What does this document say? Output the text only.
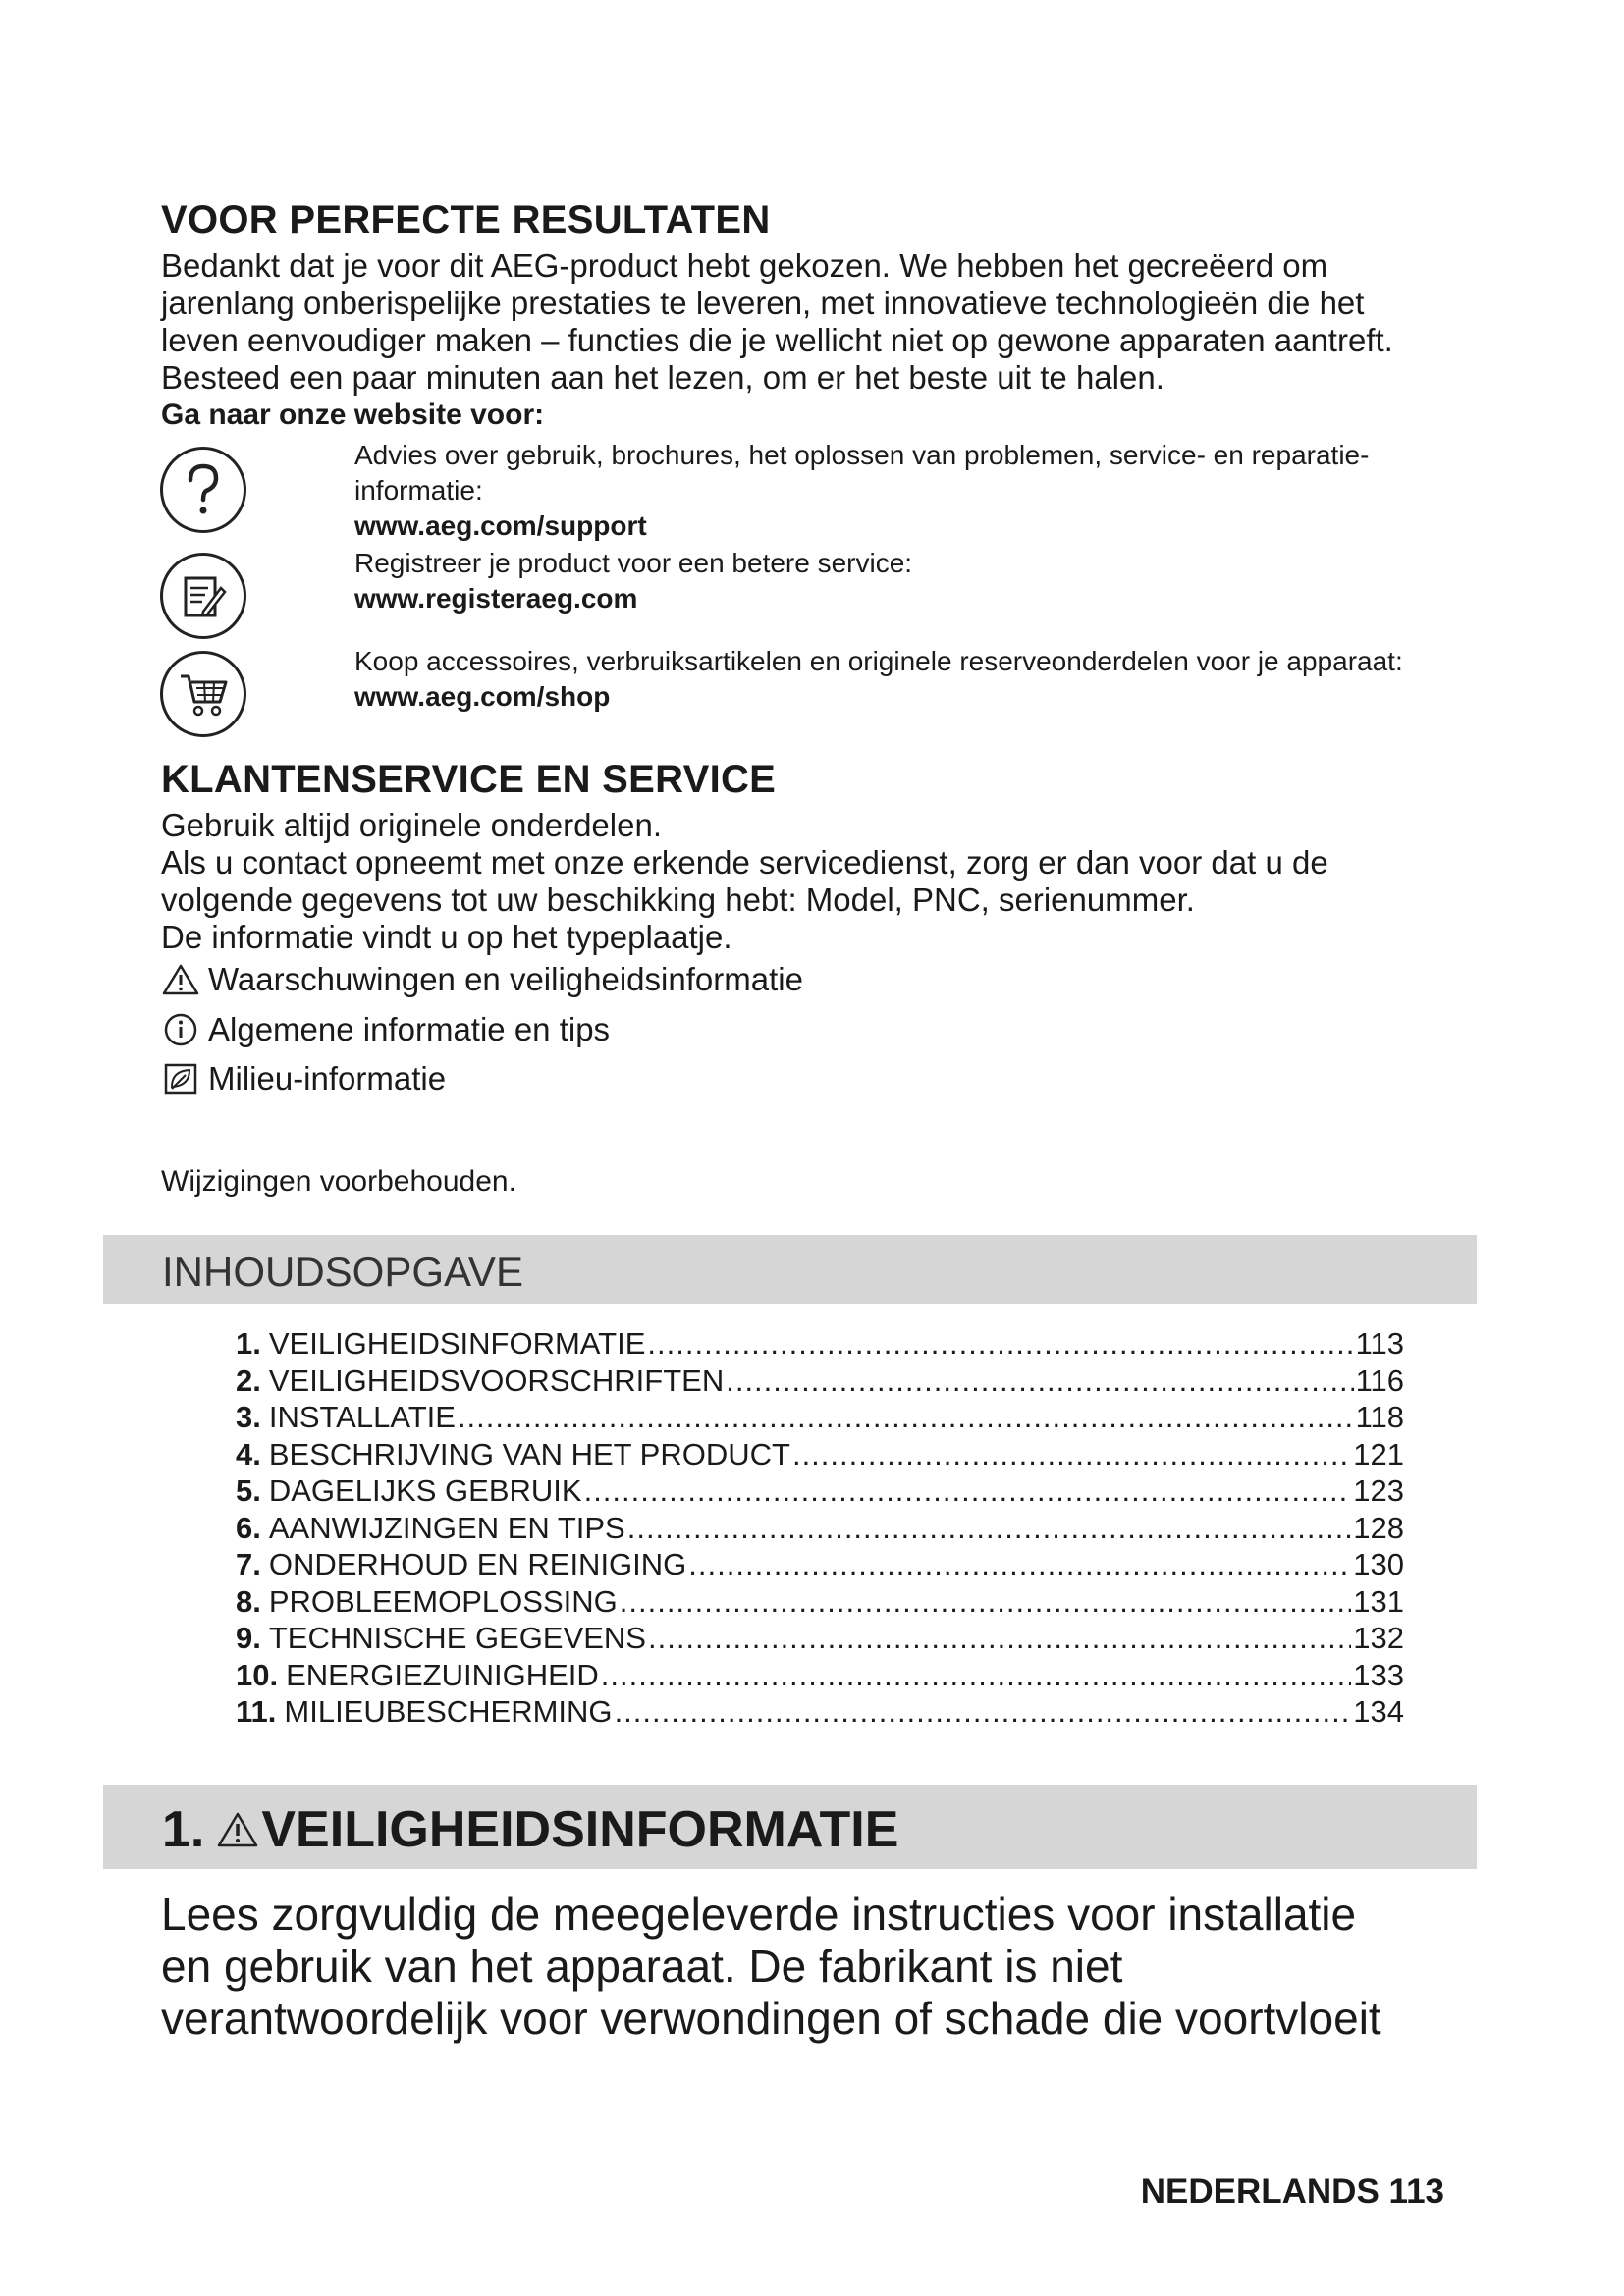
VOOR PERFECTE RESULTATEN

Bedankt dat je voor dit AEG-product hebt gekozen. We hebben het gecreëerd om

jarenlang onberispelijke prestaties te leveren, met innovatieve technologieën die het

leven eenvoudiger maken – functies die je wellicht niet op gewone apparaten aantreft.

Besteed een paar minuten aan het lezen, om er het beste uit te halen.

Ga naar onze website voor:

Advies over gebruik, brochures, het oplossen van problemen, service- en reparatie-
informatie:
www.aeg.com/support
Registreer je product voor een betere service:
www.registeraeg.com
Koop accessoires, verbruiksartikelen en originele reserveonderdelen voor je apparaat:
www.aeg.com/shop
KLANTENSERVICE EN SERVICE

Gebruik altijd originele onderdelen.

Als u contact opneemt met onze erkende servicedienst, zorg er dan voor dat u de

volgende gegevens tot uw beschikking hebt: Model, PNC, serienummer.

De informatie vindt u op het typeplaatje.

Waarschuwingen en veiligheidsinformatie
Algemene informatie en tips
Milieu-informatie
Wijzigingen voorbehouden.
INHOUDSOPGAVE
1. VEILIGHEIDSINFORMATIE .....	113
2. VEILIGHEIDSVOORSCHRIFTEN .....	116
3. INSTALLATIE .....	118
4. BESCHRIJVING VAN HET PRODUCT .....	121
5. DAGELIJKS GEBRUIK .....	123
6. AANWIJZINGEN EN TIPS .....	128
7. ONDERHOUD EN REINIGING .....	130
8. PROBLEEMOPLOSSING .....	131
9. TECHNISCHE GEGEVENS .....	132
10. ENERGIEZUINIGHEID .....	133
11. MILIEUBESCHERMING .....	134
1. VEILIGHEIDSINFORMATIE
Lees zorgvuldig de meegeleverde instructies voor installatie
en gebruik van het apparaat. De fabrikant is niet
verantwoordelijk voor verwondingen of schade die voortvloeit
NEDERLANDS 113
